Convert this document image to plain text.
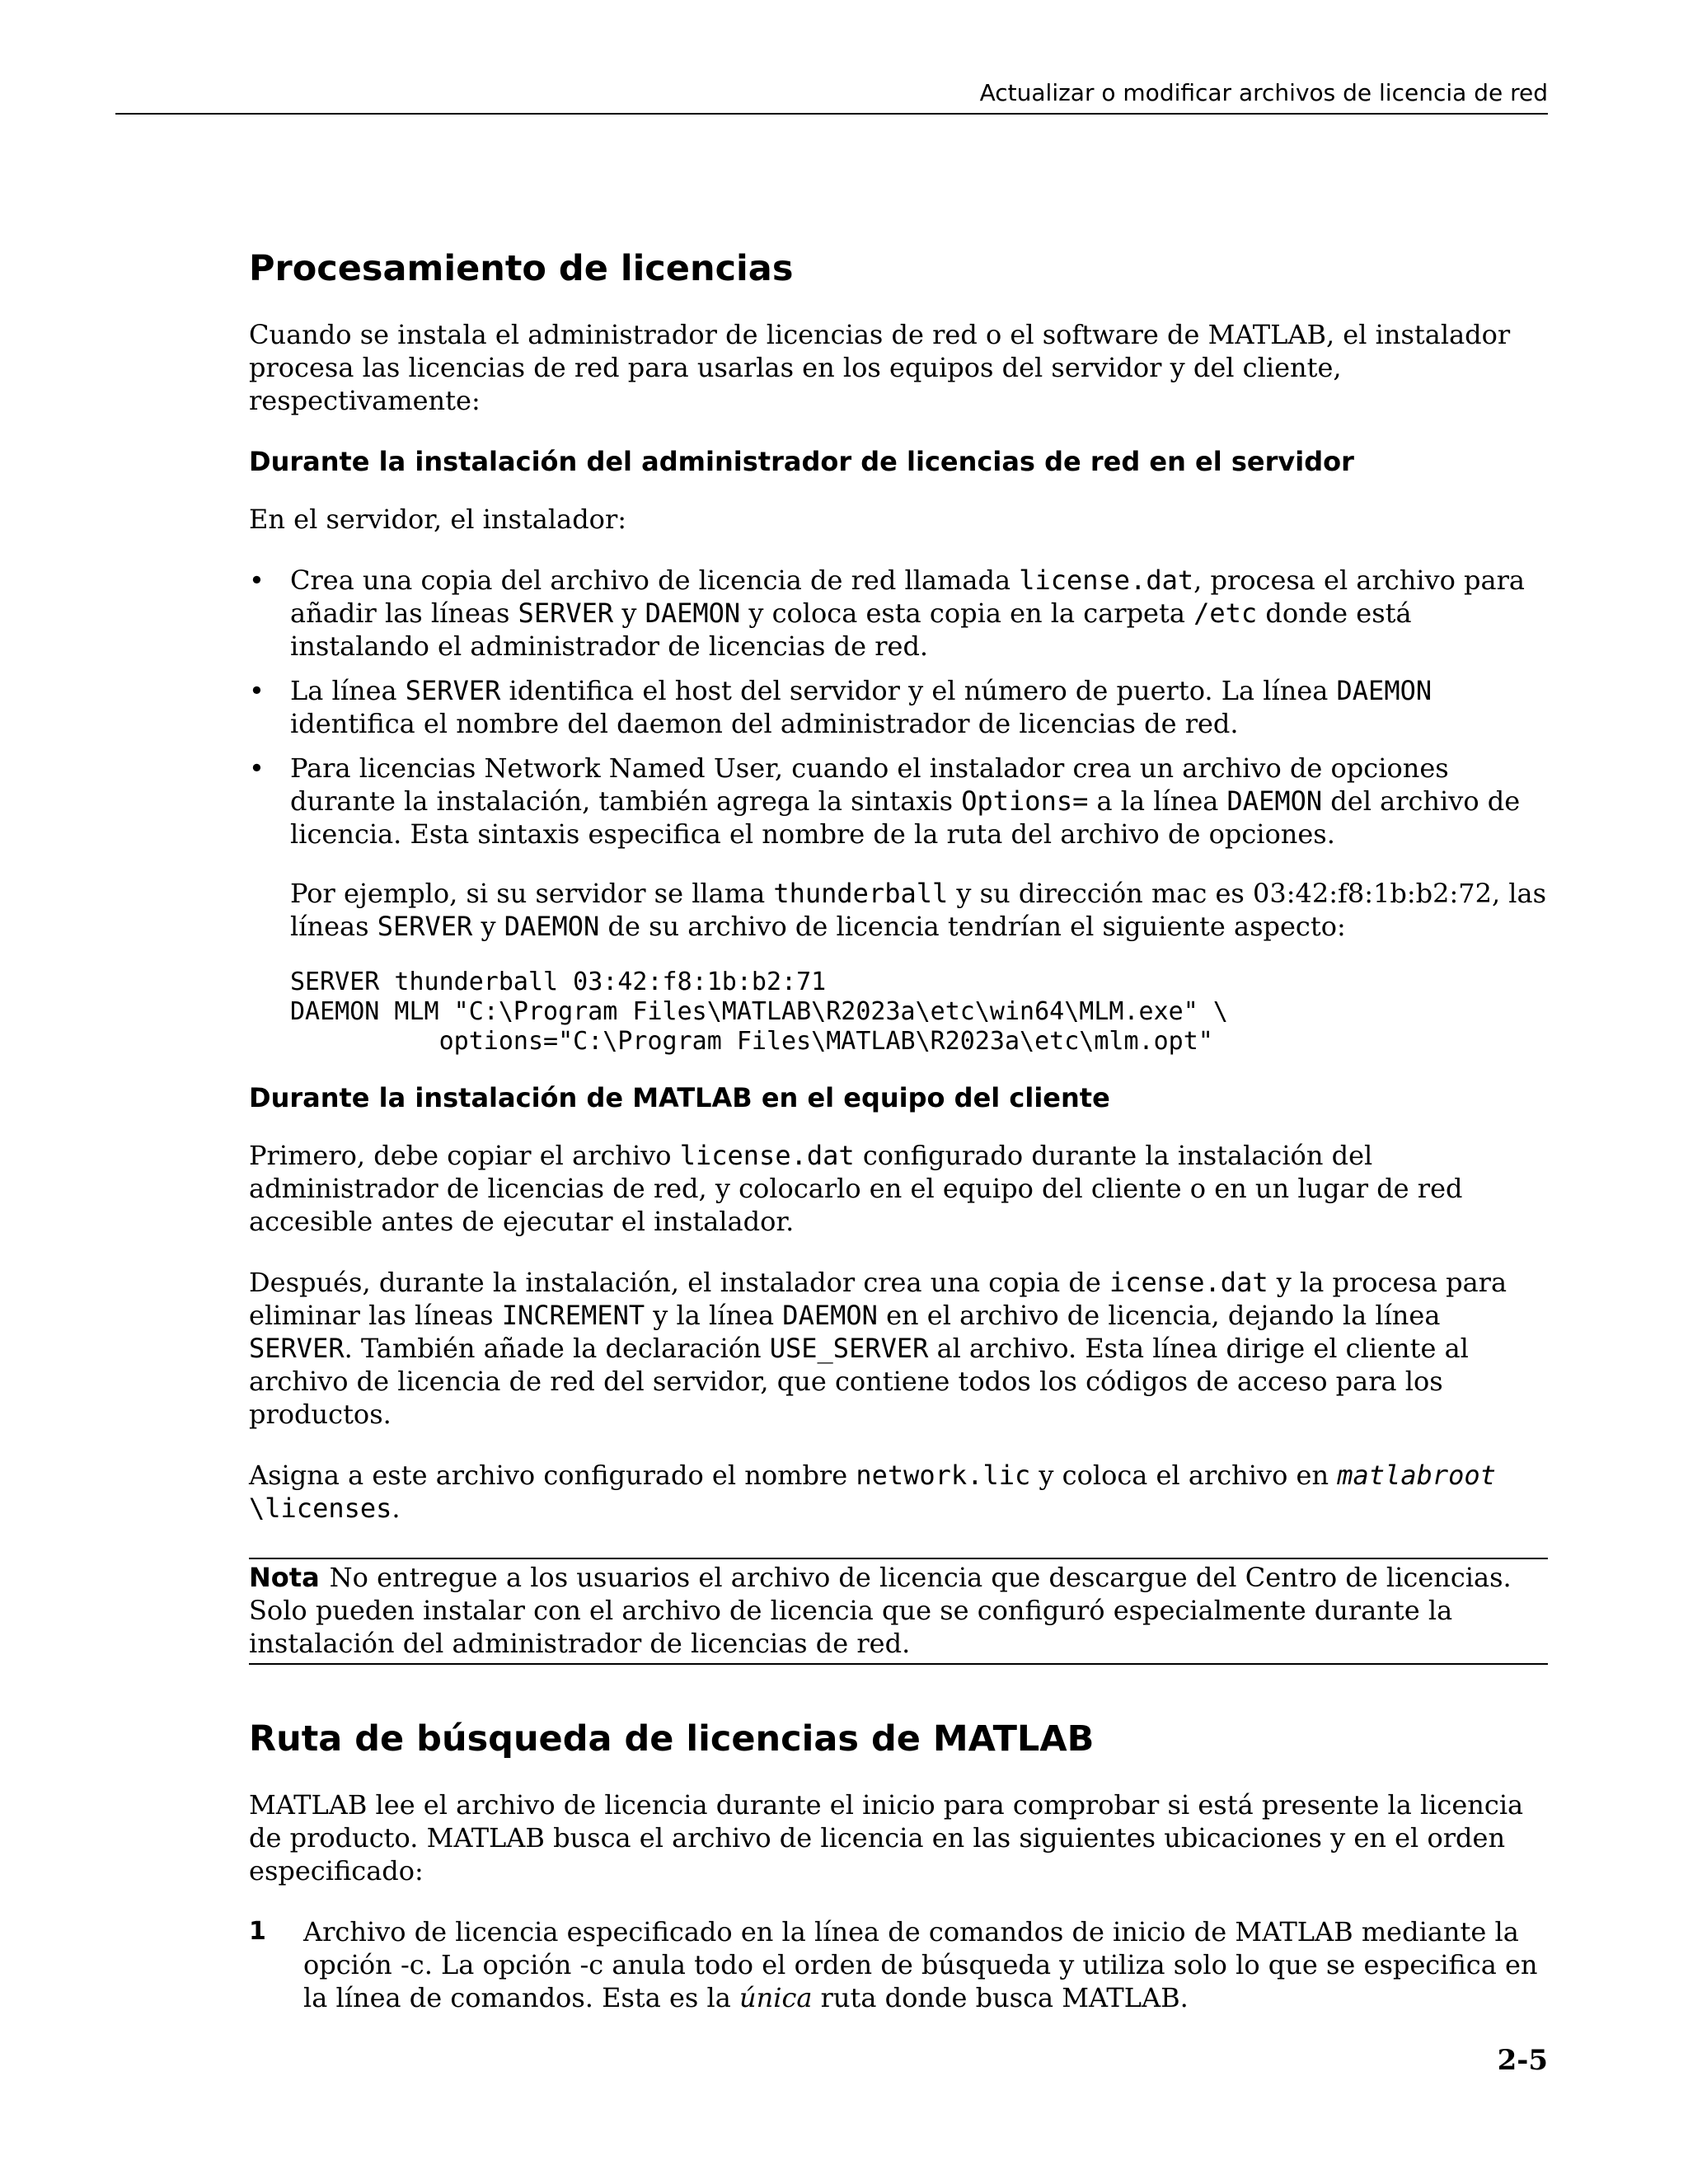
Actualizar o modificar archivos de licencia de red
Procesamiento de licencias

Cuando se instala el administrador de licencias de red o el software de MATLAB, el instalador procesa las licencias de red para usarlas en los equipos del servidor y del cliente, respectivamente:

Durante la instalación del administrador de licencias de red en el servidor

En el servidor, el instalador:

• Crea una copia del archivo de licencia de red llamada license.dat, procesa el archivo para añadir las líneas SERVER y DAEMON y coloca esta copia en la carpeta /etc donde está instalando el administrador de licencias de red.
• La línea SERVER identifica el host del servidor y el número de puerto. La línea DAEMON identifica el nombre del daemon del administrador de licencias de red.
• Para licencias Network Named User, cuando el instalador crea un archivo de opciones durante la instalación, también agrega la sintaxis Options= a la línea DAEMON del archivo de licencia. Esta sintaxis especifica el nombre de la ruta del archivo de opciones.

Por ejemplo, si su servidor se llama thunderball y su dirección mac es 03:42:f8:1b:b2:72, las líneas SERVER y DAEMON de su archivo de licencia tendrían el siguiente aspecto:

SERVER thunderball 03:42:f8:1b:b2:71
DAEMON MLM "C:\Program Files\MATLAB\R2023a\etc\win64\MLM.exe" \
options="C:\Program Files\MATLAB\R2023a\etc\mlm.opt"
Durante la instalación de MATLAB en el equipo del cliente

Primero, debe copiar el archivo license.dat configurado durante la instalación del administrador de licencias de red, y colocarlo en el equipo del cliente o en un lugar de red accesible antes de ejecutar el instalador.

Después, durante la instalación, el instalador crea una copia de icense.dat y la procesa para eliminar las líneas INCREMENT y la línea DAEMON en el archivo de licencia, dejando la línea SERVER. También añade la declaración USE_SERVER al archivo. Esta línea dirige el cliente al archivo de licencia de red del servidor, que contiene todos los códigos de acceso para los productos.

Asigna a este archivo configurado el nombre network.lic y coloca el archivo en matlabroot
\licenses.

Nota No entregue a los usuarios el archivo de licencia que descargue del Centro de licencias. Solo pueden instalar con el archivo de licencia que se configuró especialmente durante la instalación del administrador de licencias de red.

Ruta de búsqueda de licencias de MATLAB

MATLAB lee el archivo de licencia durante el inicio para comprobar si está presente la licencia de producto. MATLAB busca el archivo de licencia en las siguientes ubicaciones y en el orden especificado:

1 Archivo de licencia especificado en la línea de comandos de inicio de MATLAB mediante la opción -c. La opción -c anula todo el orden de búsqueda y utiliza solo lo que se especifica en la línea de comandos. Esta es la única ruta donde busca MATLAB.
2-5
